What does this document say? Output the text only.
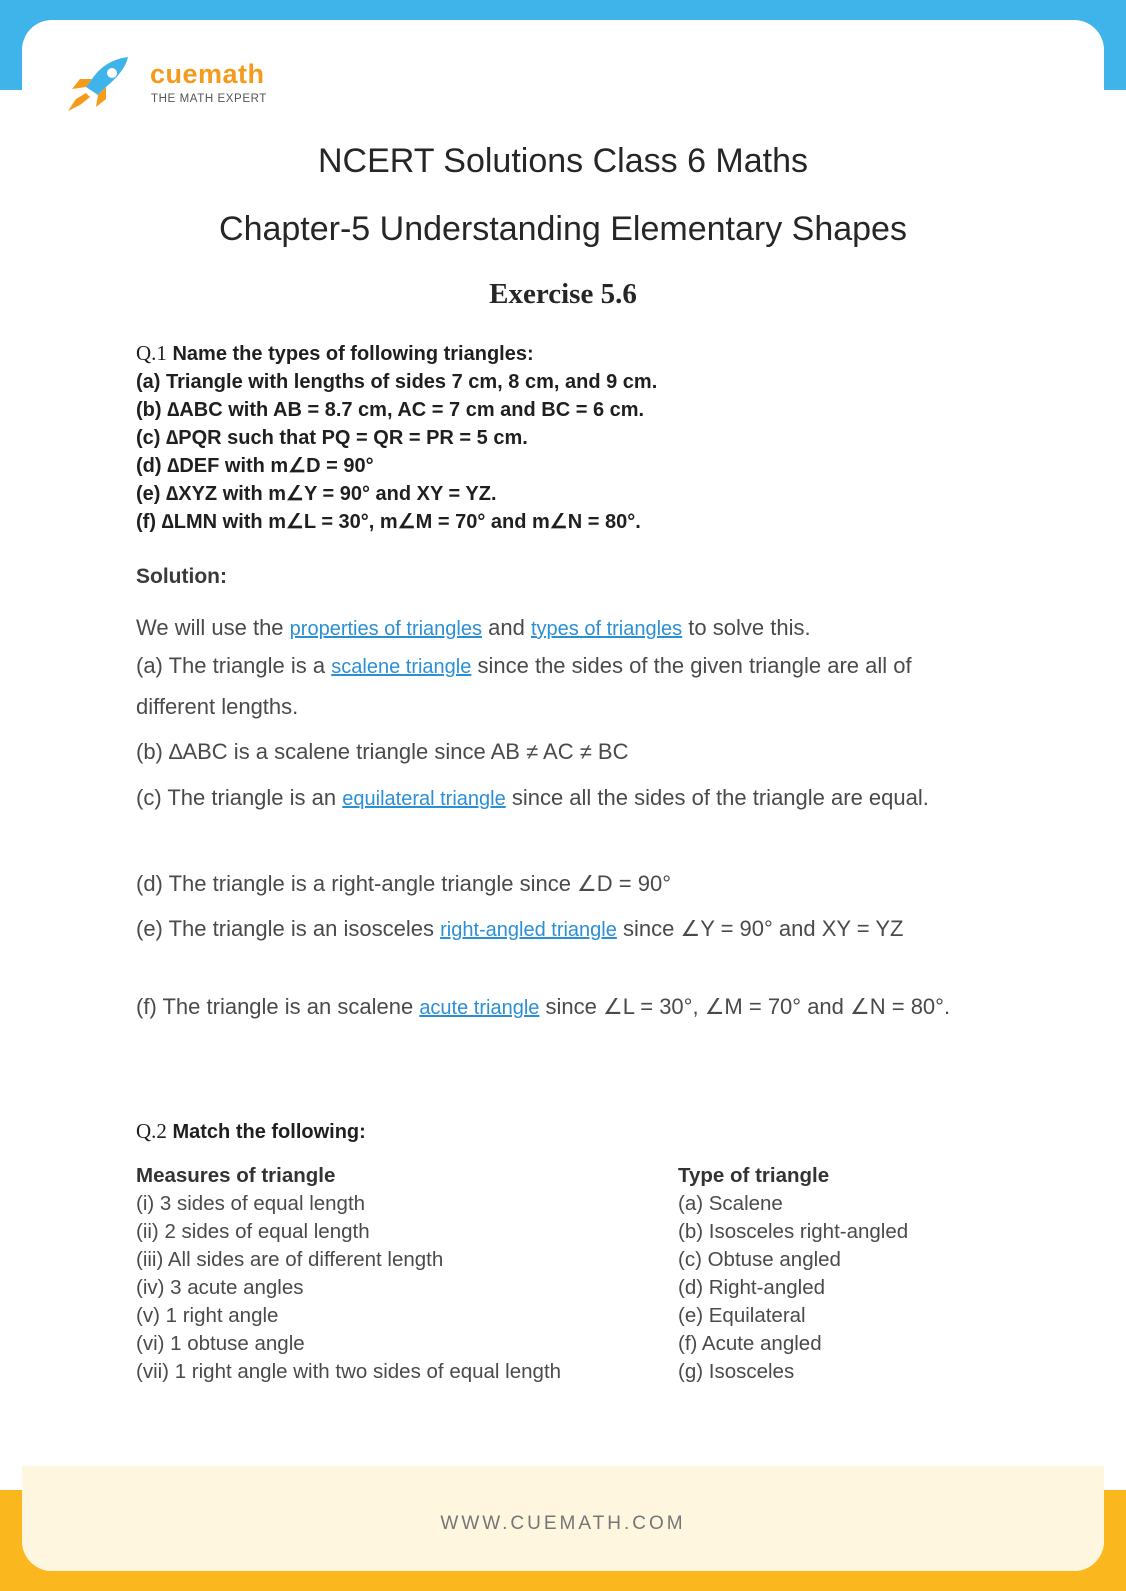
cuemath
THE MATH EXPERT
NCERT Solutions Class 6 Maths
Chapter-5 Understanding Elementary Shapes
Exercise 5.6
Q.1 Name the types of following triangles:
(a) Triangle with lengths of sides 7 cm, 8 cm, and 9 cm.
(b) ∆ABC with AB = 8.7 cm, AC = 7 cm and BC = 6 cm.
(c) ∆PQR such that PQ = QR = PR = 5 cm.
(d) ∆DEF with m∠D = 90°
(e) ∆XYZ with m∠Y = 90° and XY = YZ.
(f) ∆LMN with m∠L = 30°, m∠M = 70° and m∠N = 80°.
Solution:
We will use the properties of triangles and types of triangles to solve this.
(a) The triangle is a scalene triangle since the sides of the given triangle are all of different lengths.
(b) ∆ABC is a scalene triangle since AB ≠ AC ≠ BC
(c) The triangle is an equilateral triangle since all the sides of the triangle are equal.
(d) The triangle is a right-angle triangle since ∠D = 90°
(e) The triangle is an isosceles right-angled triangle since ∠Y = 90° and XY = YZ
(f) The triangle is an scalene acute triangle since ∠L = 30°, ∠M = 70° and ∠N = 80°.
Q.2 Match the following:
Measures of triangle
(i) 3 sides of equal length
(ii) 2 sides of equal length
(iii) All sides are of different length
(iv) 3 acute angles
(v) 1 right angle
(vi) 1 obtuse angle
(vii) 1 right angle with two sides of equal length
Type of triangle
(a) Scalene
(b) Isosceles right-angled
(c) Obtuse angled
(d) Right-angled
(e) Equilateral
(f) Acute angled
(g) Isosceles
WWW.CUEMATH.COM
